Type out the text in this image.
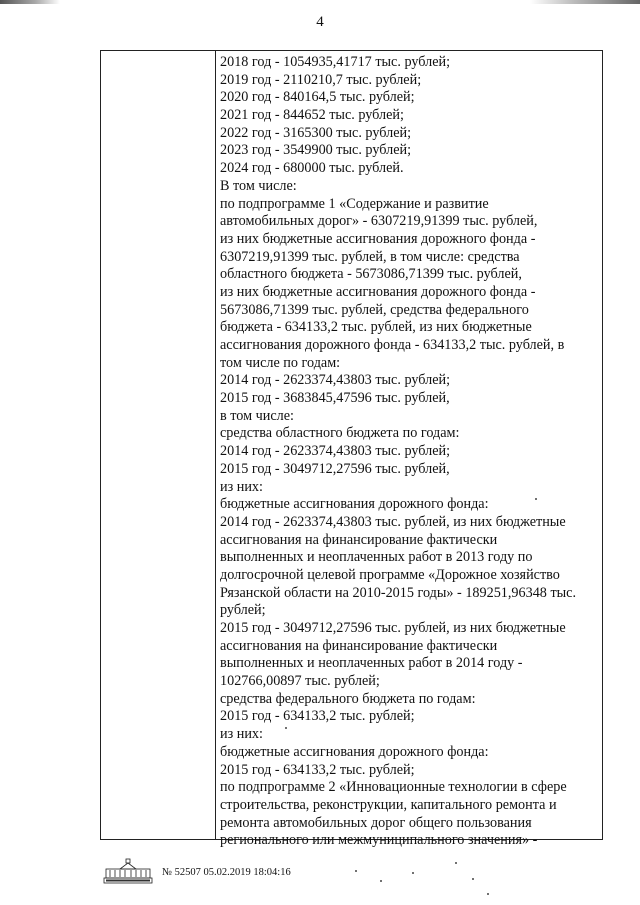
4
2018 год - 1054935,41717 тыс. рублей;
2019 год - 2110210,7 тыс. рублей;
2020 год - 840164,5 тыс. рублей;
2021 год - 844652 тыс. рублей;
2022 год - 3165300 тыс. рублей;
2023 год - 3549900 тыс. рублей;
2024 год - 680000 тыс. рублей.
В том числе:
по подпрограмме 1 «Содержание и развитие
автомобильных дорог» - 6307219,91399 тыс. рублей,
из них бюджетные ассигнования дорожного фонда -
6307219,91399 тыс. рублей, в том числе: средства
областного бюджета - 5673086,71399 тыс. рублей,
из них бюджетные ассигнования дорожного фонда -
5673086,71399 тыс. рублей, средства федерального
бюджета - 634133,2 тыс. рублей, из них бюджетные
ассигнования дорожного фонда - 634133,2 тыс. рублей, в
том числе по годам:
2014 год - 2623374,43803 тыс. рублей;
2015 год - 3683845,47596 тыс. рублей,
в том числе:
средства областного бюджета по годам:
2014 год - 2623374,43803 тыс. рублей;
2015 год - 3049712,27596 тыс. рублей,
из них:
бюджетные ассигнования дорожного фонда:
2014 год - 2623374,43803 тыс. рублей, из них бюджетные
ассигнования на финансирование фактически
выполненных и неоплаченных работ в 2013 году по
долгосрочной целевой программе «Дорожное хозяйство
Рязанской области на 2010-2015 годы» - 189251,96348 тыс.
рублей;
2015 год - 3049712,27596 тыс. рублей, из них бюджетные
ассигнования на финансирование фактически
выполненных и неоплаченных работ в 2014 году -
102766,00897 тыс. рублей;
средства федерального бюджета по годам:
2015 год - 634133,2 тыс. рублей;
из них:
бюджетные ассигнования дорожного фонда:
2015 год - 634133,2 тыс. рублей;
по подпрограмме 2 «Инновационные технологии в сфере
строительства, реконструкции, капитального ремонта и
ремонта автомобильных дорог общего пользования
регионального или межмуниципального значения» -
№ 52507 05.02.2019 18:04:16
